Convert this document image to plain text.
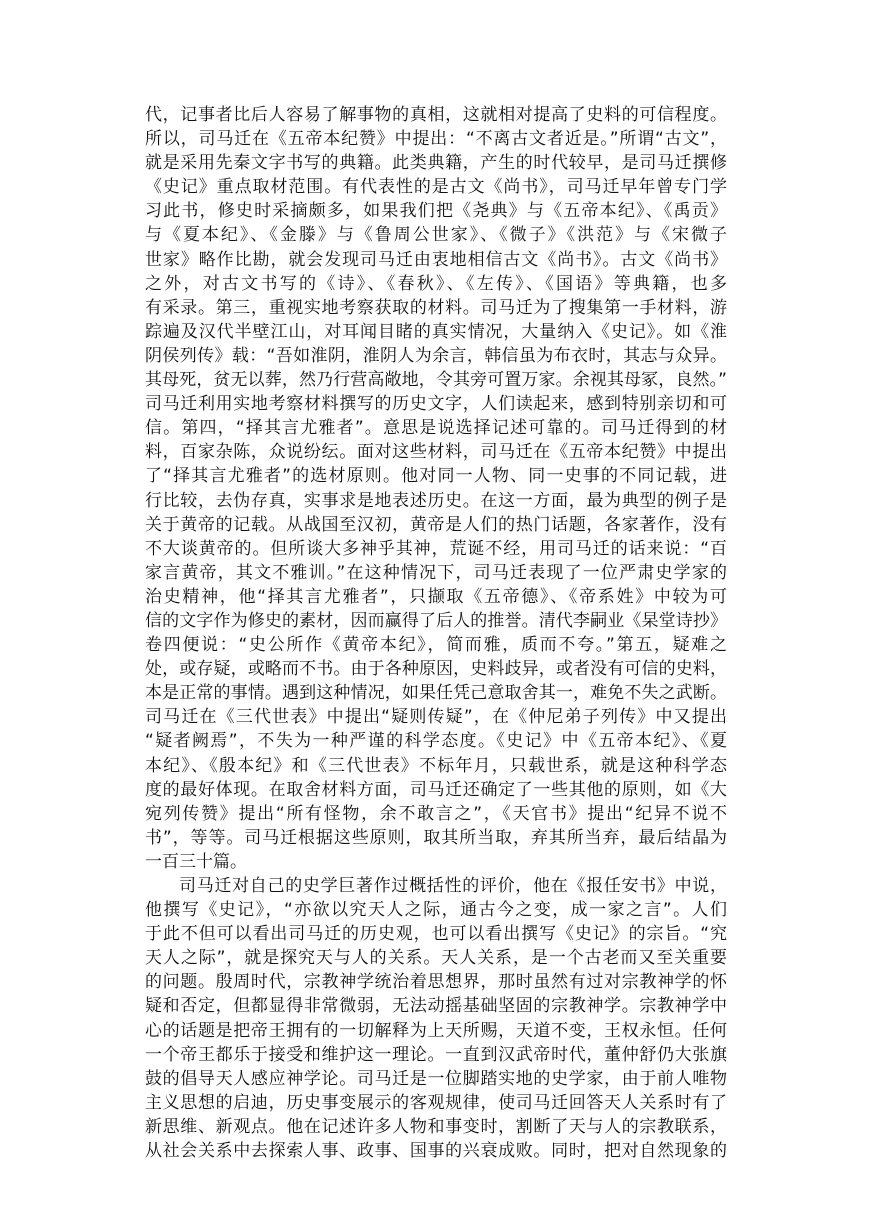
代，记事者比后人容易了解事物的真相，这就相对提高了史料的可信程度。
所以，司马迁在《五帝本纪赞》中提出：“不离古文者近是。”所谓“古文”，
就是采用先秦文字书写的典籍。此类典籍，产生的时代较早，是司马迁撰修
《史记》重点取材范围。有代表性的是古文《尚书》，司马迁早年曾专门学
习此书，修史时采摘颇多，如果我们把《尧典》与《五帝本纪》、《禹贡》
与《夏本纪》、《金滕》与《鲁周公世家》、《微子》《洪范》与《宋微子
世家》略作比勘，就会发现司马迁由衷地相信古文《尚书》。古文《尚书》
之外，对古文书写的《诗》、《春秋》、《左传》、《国语》等典籍，也多
有采录。第三，重视实地考察获取的材料。司马迁为了搜集第一手材料，游
踪遍及汉代半壁江山，对耳闻目睹的真实情况，大量纳入《史记》。如《淮
阴侯列传》载：“吾如淮阴，淮阴人为余言，韩信虽为布衣时，其志与众异。
其母死，贫无以葬，然乃行营高敞地，令其旁可置万家。余视其母冢，良然。”
司马迁利用实地考察材料撰写的历史文字，人们读起来，感到特别亲切和可
信。第四，“择其言尤雅者”。意思是说选择记述可靠的。司马迁得到的材
料，百家杂陈，众说纷纭。面对这些材料，司马迁在《五帝本纪赞》中提出
了“择其言尤雅者”的选材原则。他对同一人物、同一史事的不同记载，进
行比较，去伪存真，实事求是地表述历史。在这一方面，最为典型的例子是
关于黄帝的记载。从战国至汉初，黄帝是人们的热门话题，各家著作，没有
不大谈黄帝的。但所谈大多神乎其神，荒诞不经，用司马迁的话来说：“百
家言黄帝，其文不雅训。”在这种情况下，司马迁表现了一位严肃史学家的
治史精神，他“择其言尤雅者”，只撷取《五帝德》、《帝系姓》中较为可
信的文字作为修史的素材，因而赢得了后人的推誉。清代李嗣业《杲堂诗抄》
卷四便说：“史公所作《黄帝本纪》，简而雅，质而不夸。”第五，疑难之
处，或存疑，或略而不书。由于各种原因，史料歧异，或者没有可信的史料，
本是正常的事情。遇到这种情况，如果任凭己意取舍其一，难免不失之武断。
司马迁在《三代世表》中提出“疑则传疑”，在《仲尼弟子列传》中又提出
“疑者阙焉”，不失为一种严谨的科学态度。《史记》中《五帝本纪》、《夏
本纪》、《殷本纪》和《三代世表》不标年月，只载世系，就是这种科学态
度的最好体现。在取舍材料方面，司马迁还确定了一些其他的原则，如《大
宛列传赞》提出“所有怪物，余不敢言之”，《天官书》提出“纪异不说不
书”，等等。司马迁根据这些原则，取其所当取，弃其所当弃，最后结晶为
一百三十篇。
司马迁对自己的史学巨著作过概括性的评价，他在《报任安书》中说，
他撰写《史记》，“亦欲以究天人之际，通古今之变，成一家之言”。人们
于此不但可以看出司马迁的历史观，也可以看出撰写《史记》的宗旨。“究
天人之际”，就是探究天与人的关系。天人关系，是一个古老而又至关重要
的问题。殷周时代，宗教神学统治着思想界，那时虽然有过对宗教神学的怀
疑和否定，但都显得非常微弱，无法动摇基础坚固的宗教神学。宗教神学中
心的话题是把帝王拥有的一切解释为上天所赐，天道不变，王权永恒。任何
一个帝王都乐于接受和维护这一理论。一直到汉武帝时代，董仲舒仍大张旗
鼓的倡导天人感应神学论。司马迁是一位脚踏实地的史学家，由于前人唯物
主义思想的启迪，历史事变展示的客观规律，使司马迁回答天人关系时有了
新思维、新观点。他在记述许多人物和事变时，割断了天与人的宗教联系，
从社会关系中去探索人事、政事、国事的兴衰成败。同时，把对自然现象的
